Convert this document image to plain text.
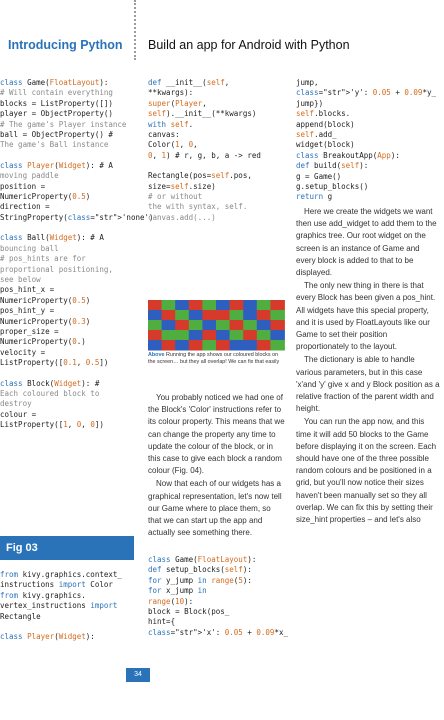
Introducing Python Build an app for Android with Python
class Game(FloatLayout):
# Will contain everything
blocks = ListProperty([])
player = ObjectProperty()
# The game's Player instance
ball = ObjectProperty() #
The game's Ball instance
class Player(Widget): # A
moving paddle
position =
NumericProperty(0.5)
direction =
StringProperty(class="str">'none')
class Ball(Widget): # A
bouncing ball
# pos_hints are for
proportional positioning,
see below
pos_hint_x =
NumericProperty(0.5)
pos_hint_y =
NumericProperty(0.3)
proper_size =
NumericProperty(0.)
velocity =
ListProperty([0.1, 0.5])
class Block(Widget): #
Each coloured block to
destroy
colour =
ListProperty([1, 0, 0])
Fig 03
from kivy.graphics.context_
instructions import Color
from kivy.graphics.
vertex_instructions import
Rectangle
class Player(Widget):
def __init__(self,
**kwargs):
super(Player,
self).__init__(**kwargs)
with self.
canvas:
Color(1, 0,
0, 1) # r, g, b, a -> red
Rectangle(pos=self.pos,
size=self.size)
# or without
the with syntax, self.
canvas.add(...)
Above Running the app shows our coloured blocks on the screen… but they all overlap! We can fix that easily

You probably noticed we had one of the Block's 'Color' instructions refer to its colour property. This means that we can change the property any time to update the colour of the block, or in this case to give each block a random colour (Fig. 04).

Now that each of our widgets has a graphical representation, let's now tell our Game where to place them, so that we can start up the app and actually see something there.

class Game(FloatLayout):
def setup_blocks(self):
for y_jump in range(5):
for x_jump in
range(10):
block = Block(pos_
hint={
class="str">'x': 0.05 + 0.09*x_
jump,
class="str">'y': 0.05 + 0.09*y_
jump})
self.blocks.
append(block)
self.add_
widget(block)
class BreakoutApp(App):
def build(self):
g = Game()
g.setup_blocks()
return g

Here we create the widgets we want then use add_widget to add them to the graphics tree. Our root widget on the screen is an instance of Game and every block is added to that to be displayed.

The only new thing in there is that every Block has been given a pos_hint. All widgets have this special property, and it is used by FloatLayouts like our Game to set their position proportionately to the layout.

The dictionary is able to handle various parameters, but in this case 'x'and 'y' give x and y Block position as a relative fraction of the parent width and height.

You can run the app now, and this time it will add 50 blocks to the Game before displaying it on the screen. Each should have one of the three possible random colours and be positioned in a grid, but you'll now notice their sizes haven't been manually set so they all overlap. We can fix this by setting their size_hint properties – and let's also

34
